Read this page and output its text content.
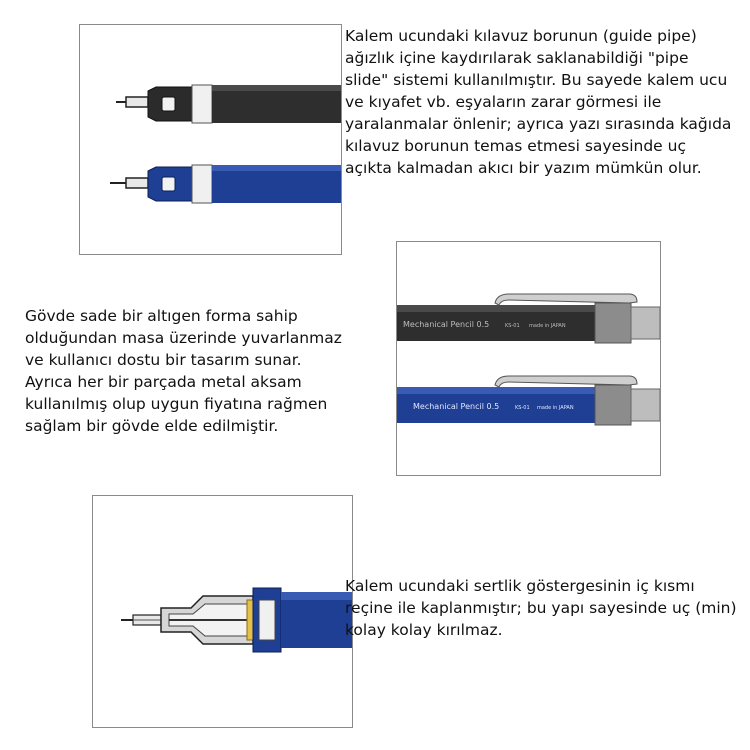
Kalem ucundaki kılavuz borunun (guide pipe) ağızlık içine kaydırılarak saklanabildiği "pipe slide" sistemi kullanılmıştır. Bu sayede kalem ucu ve kıyafet vb. eşyaların zarar görmesi ile yaralanmalar önlenir; ayrıca yazı sırasında kağıda kılavuz borunun temas etmesi sayesinde uç açıkta kalmadan akıcı bir yazım mümkün olur.

Mechanical Pencil 0.5	KS-01 made in JAPAN
Mechanical Pencil 0.5	KS-01 made in JAPAN

Gövde sade bir altıgen forma sahip olduğundan masa üzerinde yuvarlanmaz ve kullanıcı dostu bir tasarım sunar. Ayrıca her bir parçada metal aksam kullanılmış olup uygun fiyatına rağmen sağlam bir gövde elde edilmiştir.

Kalem ucundaki sertlik göstergesinin iç kısmı reçine ile kaplanmıştır; bu yapı sayesinde uç (min) kolay kolay kırılmaz.
